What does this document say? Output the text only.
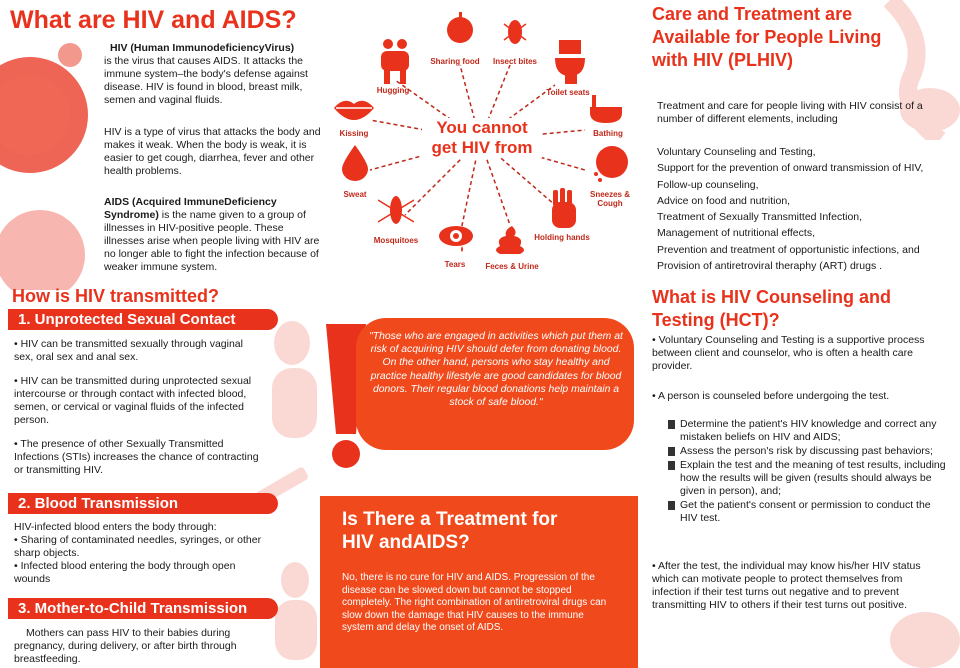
What are HIV and AIDS?
HIV (Human ImmunodeficiencyVirus)
is the virus that causes AIDS. It attacks the immune system–the body's defense against disease. HIV is found in blood, breast milk, semen and vaginal fluids.
HIV is a type of virus that attacks the body and makes it weak. When the body is weak, it is easier to get cough, diarrhea, fever and other health problems.
AIDS (Acquired ImmuneDeficiency Syndrome) is the name given to a group of illnesses in HIV-positive people. These illnesses arise when people living with HIV are no longer able to fight the infection because of weaker immune system.
How is HIV transmitted?
1. Unprotected Sexual Contact
• HIV can be transmitted sexually through vaginal sex, oral sex and anal sex.
• HIV can be transmitted during unprotected sexual intercourse or through contact with infected blood, semen, or cervical or vaginal fluids of the infected person.
• The presence of other Sexually Transmitted Infections (STIs) increases the chance of contracting or transmitting HIV.
2. Blood Transmission
HIV-infected blood enters the body through:
• Sharing of contaminated needles, syringes, or other sharp objects.
• Infected blood entering the body through open wounds
3. Mother-to-Child Transmission
Mothers can pass HIV to their babies during pregnancy, during delivery, or after birth through breastfeeding.
You cannot
get HIV from
Sharing food	Insect bites
Toilet seats
Bathing
Sneezes & Cough
Holding hands
Feces & Urine
Tears
Mosquitoes
Sweat
Kissing
Hugging
"Those who are engaged in activities which put them at risk of acquiring HIV should defer from donating blood. On the other hand, persons who stay healthy and practice healthy lifestyle are good candidates for blood donors. Their regular blood donations help maintain a stock of safe blood."
Is There a Treatment for HIV andAIDS?
No, there is no cure for HIV and AIDS. Progression of the disease can be slowed down but cannot be stopped completely. The right combination of antiretroviral drugs can slow down the damage that HIV causes to the immune system and delay the onset of AIDS.
Care and Treatment are Available for People Living with HIV (PLHIV)
Treatment and care for people living with HIV consist of a number of different elements, including
Voluntary Counseling and Testing,
Support for the prevention of onward transmission of HIV,
Follow-up counseling,
Advice on food and nutrition,
Treatment of Sexually Transmitted Infection,
Management of nutritional effects,
Prevention and treatment of opportunistic infections, and
Provision of antiretroviral theraphy (ART) drugs .
What is HIV Counseling and Testing (HCT)?
• Voluntary Counseling and Testing is a supportive process between client and counselor, who is often a health care provider.
• A person is counseled before undergoing the test.
Determine the patient's HIV knowledge and correct any mistaken beliefs on HIV and AIDS;
Assess the person's risk by discussing past behaviors;
Explain the test and the meaning of test results, including how the results will be given (results should always be given in person), and;
Get the patient's consent or permission to conduct the HIV test.
• After the test, the individual may know his/her HIV status which can motivate people to protect themselves from infection if their test turns out negative and to prevent transmitting HIV to others if their test turns out positive.
